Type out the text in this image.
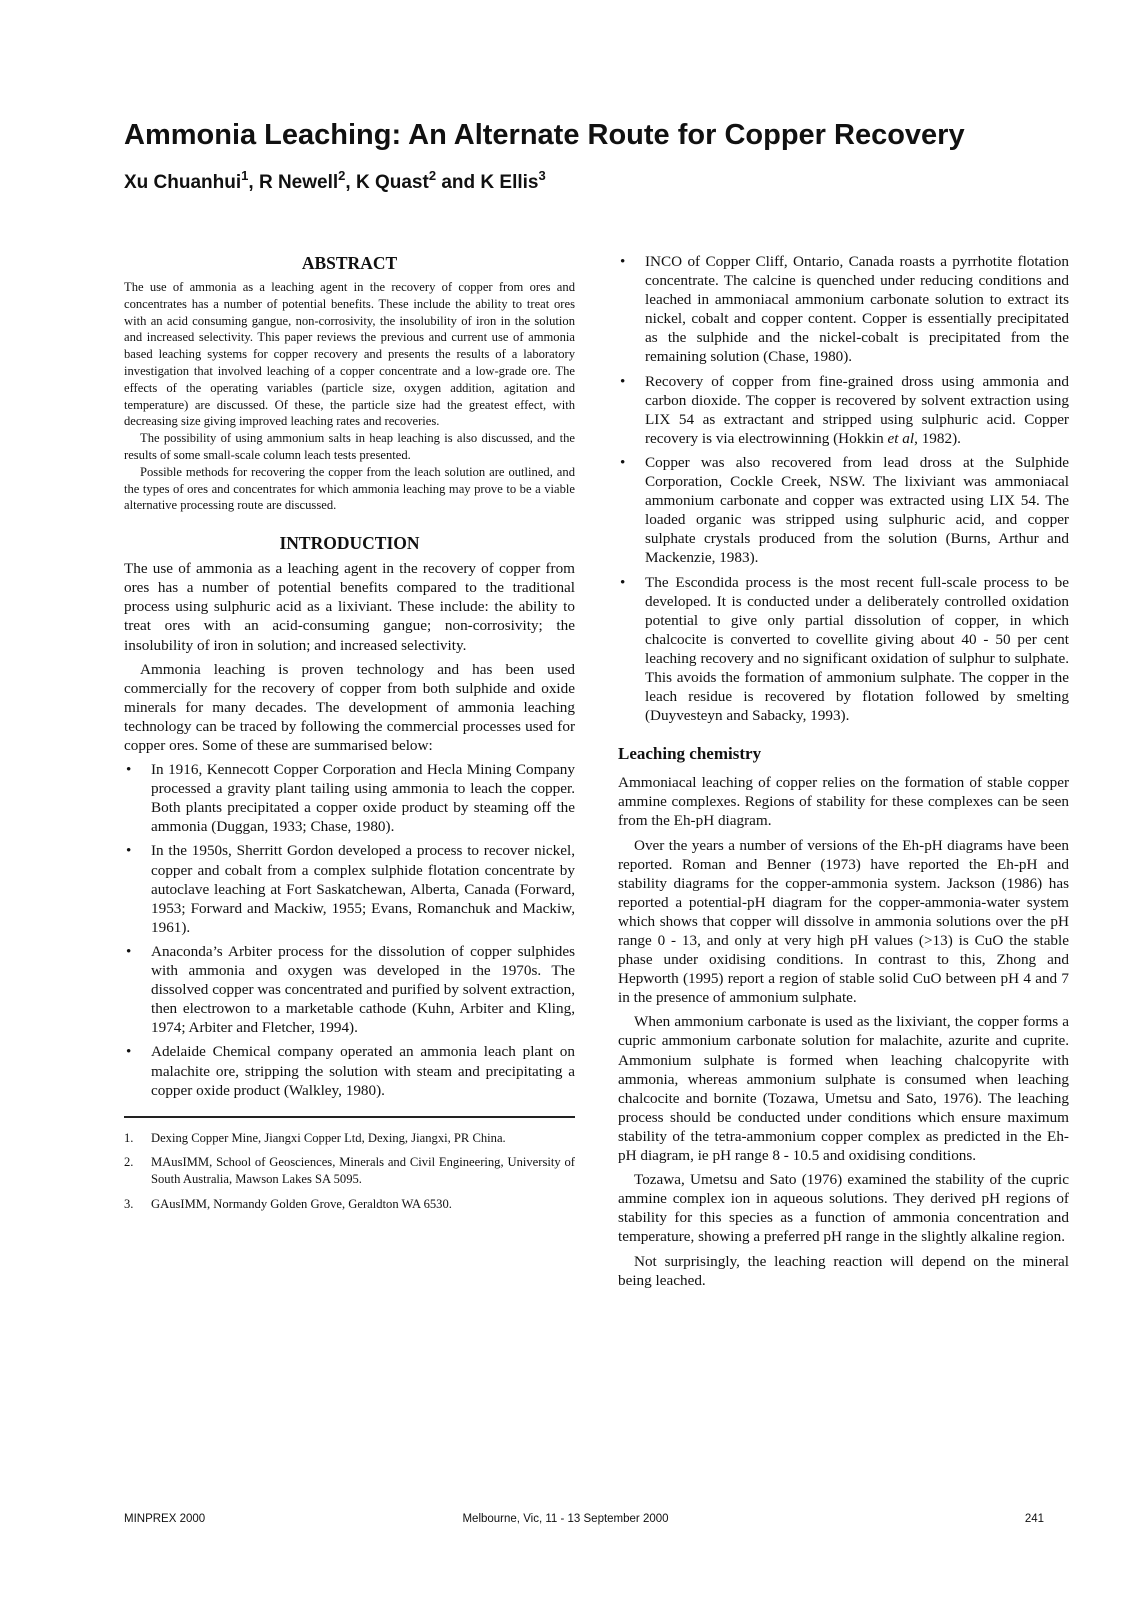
Ammonia Leaching: An Alternate Route for Copper Recovery
Xu Chuanhui$^1$, R Newell$^2$, K Quast$^2$ and K Ellis$^3$
ABSTRACT

The use of ammonia as a leaching agent in the recovery of copper from ores and concentrates has a number of potential benefits. These include the ability to treat ores with an acid consuming gangue, non-corrosivity, the insolubility of iron in the solution and increased selectivity. This paper reviews the previous and current use of ammonia based leaching systems for copper recovery and presents the results of a laboratory investigation that involved leaching of a copper concentrate and a low-grade ore. The effects of the operating variables (particle size, oxygen addition, agitation and temperature) are discussed. Of these, the particle size had the greatest effect, with decreasing size giving improved leaching rates and recoveries.

The possibility of using ammonium salts in heap leaching is also discussed, and the results of some small-scale column leach tests presented.

Possible methods for recovering the copper from the leach solution are outlined, and the types of ores and concentrates for which ammonia leaching may prove to be a viable alternative processing route are discussed.

INTRODUCTION

The use of ammonia as a leaching agent in the recovery of copper from ores has a number of potential benefits compared to the traditional process using sulphuric acid as a lixiviant. These include: the ability to treat ores with an acid-consuming gangue; non-corrosivity; the insolubility of iron in solution; and increased selectivity.

Ammonia leaching is proven technology and has been used commercially for the recovery of copper from both sulphide and oxide minerals for many decades. The development of ammonia leaching technology can be traced by following the commercial processes used for copper ores. Some of these are summarised below:

• In 1916, Kennecott Copper Corporation and Hecla Mining Company processed a gravity plant tailing using ammonia to leach the copper. Both plants precipitated a copper oxide product by steaming off the ammonia (Duggan, 1933; Chase, 1980).
• In the 1950s, Sherritt Gordon developed a process to recover nickel, copper and cobalt from a complex sulphide flotation concentrate by autoclave leaching at Fort Saskatchewan, Alberta, Canada (Forward, 1953; Forward and Mackiw, 1955; Evans, Romanchuk and Mackiw, 1961).
• Anaconda’s Arbiter process for the dissolution of copper sulphides with ammonia and oxygen was developed in the 1970s. The dissolved copper was concentrated and purified by solvent extraction, then electrowon to a marketable cathode (Kuhn, Arbiter and Kling, 1974; Arbiter and Fletcher, 1994).
• Adelaide Chemical company operated an ammonia leach plant on malachite ore, stripping the solution with steam and precipitating a copper oxide product (Walkley, 1980).
1. Dexing Copper Mine, Jiangxi Copper Ltd, Dexing, Jiangxi, PR China.
2. MAusIMM, School of Geosciences, Minerals and Civil Engineering, University of South Australia, Mawson Lakes SA 5095.
3. GAusIMM, Normandy Golden Grove, Geraldton WA 6530.
• INCO of Copper Cliff, Ontario, Canada roasts a pyrrhotite flotation concentrate. The calcine is quenched under reducing conditions and leached in ammoniacal ammonium carbonate solution to extract its nickel, cobalt and copper content. Copper is essentially precipitated as the sulphide and the nickel-cobalt is precipitated from the remaining solution (Chase, 1980).
• Recovery of copper from fine-grained dross using ammonia and carbon dioxide. The copper is recovered by solvent extraction using LIX 54 as extractant and stripped using sulphuric acid. Copper recovery is via electrowinning (Hokkin et al, 1982).
• Copper was also recovered from lead dross at the Sulphide Corporation, Cockle Creek, NSW. The lixiviant was ammoniacal ammonium carbonate and copper was extracted using LIX 54. The loaded organic was stripped using sulphuric acid, and copper sulphate crystals produced from the solution (Burns, Arthur and Mackenzie, 1983).
• The Escondida process is the most recent full-scale process to be developed. It is conducted under a deliberately controlled oxidation potential to give only partial dissolution of copper, in which chalcocite is converted to covellite giving about 40 - 50 per cent leaching recovery and no significant oxidation of sulphur to sulphate. This avoids the formation of ammonium sulphate. The copper in the leach residue is recovered by flotation followed by smelting (Duyvesteyn and Sabacky, 1993).
Leaching chemistry

Ammoniacal leaching of copper relies on the formation of stable copper ammine complexes. Regions of stability for these complexes can be seen from the Eh-pH diagram.

Over the years a number of versions of the Eh-pH diagrams have been reported. Roman and Benner (1973) have reported the Eh-pH and stability diagrams for the copper-ammonia system. Jackson (1986) has reported a potential-pH diagram for the copper-ammonia-water system which shows that copper will dissolve in ammonia solutions over the pH range 0 - 13, and only at very high pH values (>13) is CuO the stable phase under oxidising conditions. In contrast to this, Zhong and Hepworth (1995) report a region of stable solid CuO between pH 4 and 7 in the presence of ammonium sulphate.

When ammonium carbonate is used as the lixiviant, the copper forms a cupric ammonium carbonate solution for malachite, azurite and cuprite. Ammonium sulphate is formed when leaching chalcopyrite with ammonia, whereas ammonium sulphate is consumed when leaching chalcocite and bornite (Tozawa, Umetsu and Sato, 1976). The leaching process should be conducted under conditions which ensure maximum stability of the tetra-ammonium copper complex as predicted in the Eh-pH diagram, ie pH range 8 - 10.5 and oxidising conditions.

Tozawa, Umetsu and Sato (1976) examined the stability of the cupric ammine complex ion in aqueous solutions. They derived pH regions of stability for this species as a function of ammonia concentration and temperature, showing a preferred pH range in the slightly alkaline region.

Not surprisingly, the leaching reaction will depend on the mineral being leached.

MINPREX 2000	Melbourne, Vic, 11 - 13 September 2000	241
